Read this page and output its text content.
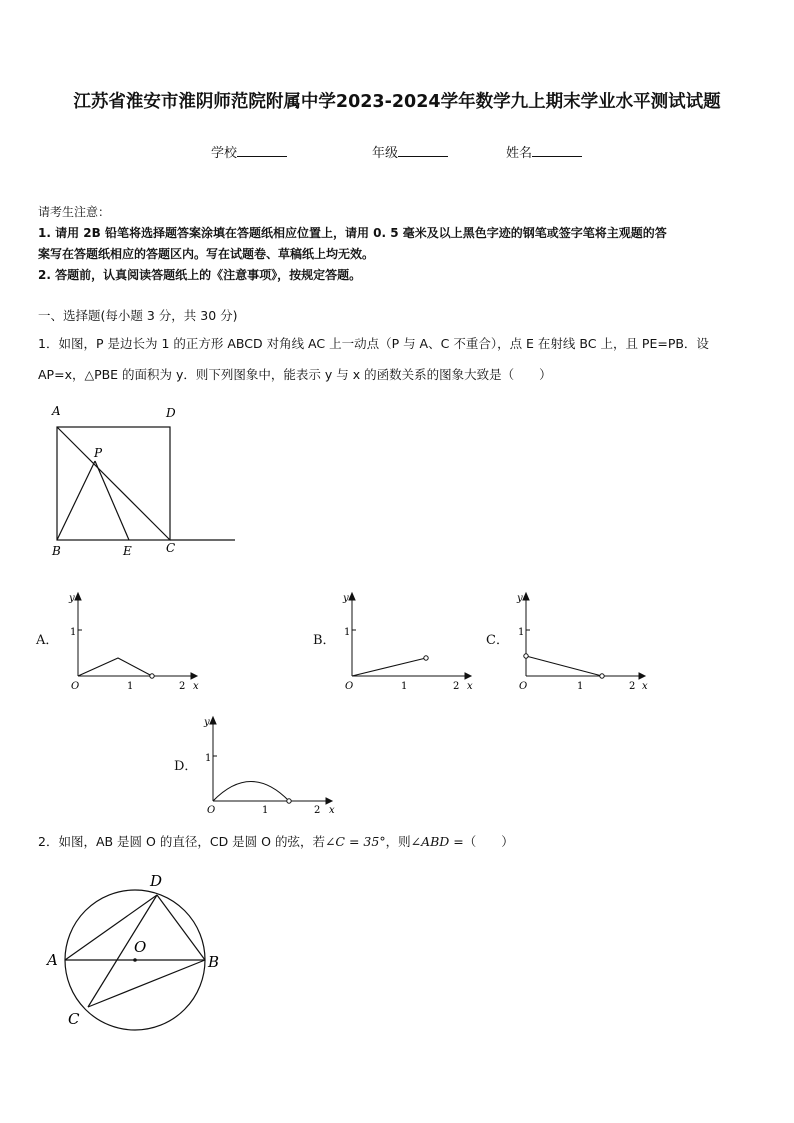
江苏省淮安市淮阴师范院附属中学2023-2024学年数学九上期末学业水平测试试题
学校	年级	姓名
请考生注意：
1. 请用 2B 铅笔将选择题答案涂填在答题纸相应位置上，请用 0. 5 毫米及以上黑色字迹的钢笔或签字笔将主观题的答
案写在答题纸相应的答题区内。写在试题卷、草稿纸上均无效。
2. 答题前，认真阅读答题纸上的《注意事项》，按规定答题。
一、选择题(每小题 3 分，共 30 分)
1．如图，P 是边长为 1 的正方形 ABCD 对角线 AC 上一动点（P 与 A、C 不重合），点 E 在射线 BC 上，且 PE=PB．设
AP=x，△PBE 的面积为 y．则下列图象中，能表示 y 与 x 的函数关系的图象大致是（　　）
A	D
P
B	E	C
A．
y
1
O	1	2 x
B．
y
1
O	1	2 x
C．
y
1
O	1	2 x
D．
y
1
O	1	2 x
2．如图，AB 是圆 O 的直径，CD 是圆 O 的弦，若∠C = 35°，则∠ABD =（　　）
D
O
A	B
C
